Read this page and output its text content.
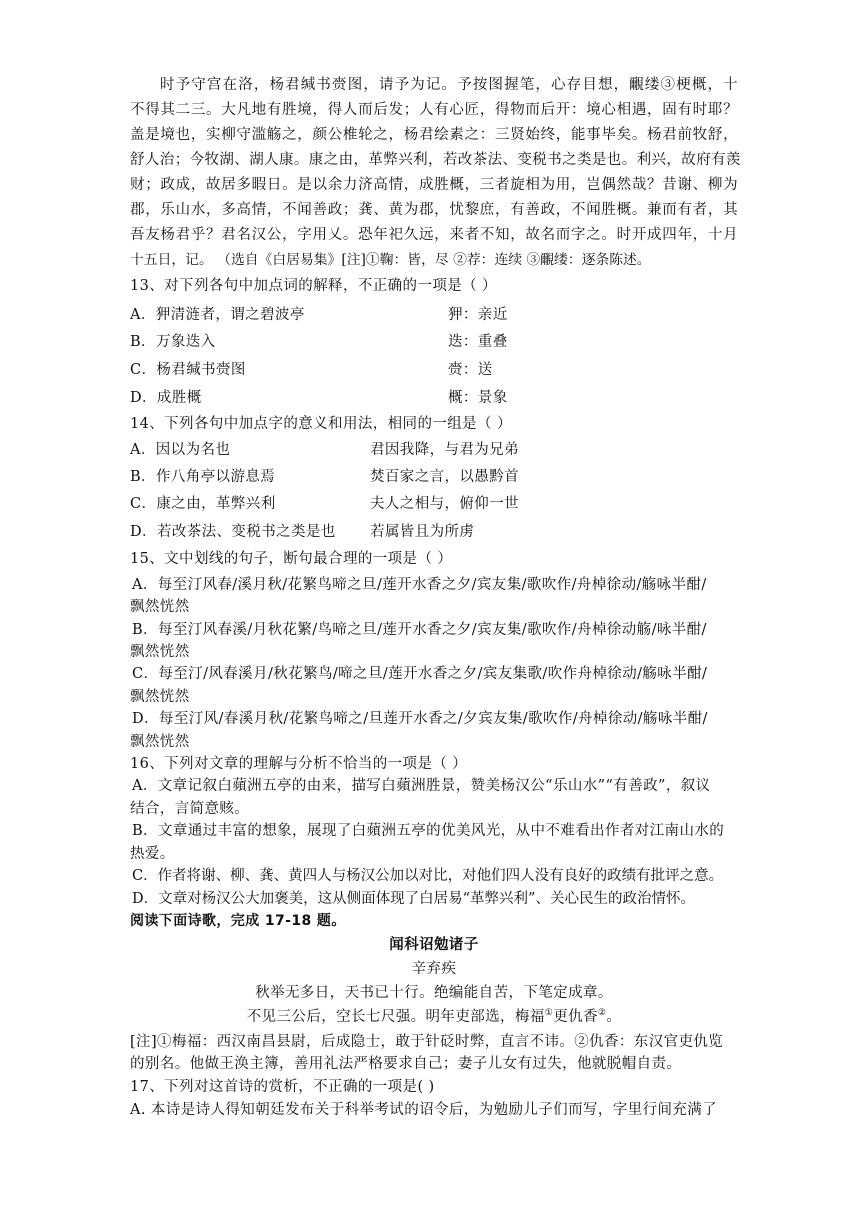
时予守宫在洛，杨君缄书赍图，请予为记。予按图握笔，心存目想，覼缕③梗概，十
不得其二三。大凡地有胜境，得人而后发；人有心匠，得物而后开：境心相遇，固有时耶？
盖是境也，实柳守滥觞之，颜公椎轮之，杨君绘素之：三贤始终，能事毕矣。杨君前牧舒，
舒人治；今牧湖、湖人康。康之由，革弊兴利，若改茶法、变税书之类是也。利兴，故府有羡
财；政成，故居多暇日。是以余力济高情，成胜概，三者旋相为用，岂偶然哉？昔谢、柳为
郡，乐山水，多高情，不闻善政；龚、黄为郡，忧黎庶，有善政，不闻胜概。兼而有者，其
吾友杨君乎？君名汉公，字用乂。恐年祀久远，来者不知，故名而字之。时开成四年，十月
十五日，记。 （选自《白居易集》[注]①鞠：皆，尽 ②荐：连续 ③覼缕：逐条陈述。
13、对下列各句中加点词的解释，不正确的一项是（ ）
A．狎清涟者，谓之碧波亭	狎：亲近
B．万象迭入	迭：重叠
C．杨君缄书赍图	赍：送
D．成胜概	概：景象
14、下列各句中加点字的意义和用法，相同的一组是（ ）
A．因以为名也	君因我降，与君为兄弟
B．作八角亭以游息焉	焚百家之言，以愚黔首
C．康之由，革弊兴利	夫人之相与，俯仰一世
D．若改茶法、变税书之类是也 若属皆且为所虏
15、文中划线的句子，断句最合理的一项是（ ）
A．每至汀风春/溪月秋/花繁鸟啼之旦/莲开水香之夕/宾友集/歌吹作/舟棹徐动/觞咏半酣/
飘然恍然
B．每至汀风春溪/月秋花繁/鸟啼之旦/莲开水香之夕/宾友集/歌吹作/舟棹徐动觞/咏半酣/
飘然恍然
C．每至汀/风春溪月/秋花繁鸟/啼之旦/莲开水香之夕/宾友集歌/吹作舟棹徐动/觞咏半酣/
飘然恍然
D．每至汀风/春溪月秋/花繁鸟啼之/旦莲开水香之/夕宾友集/歌吹作/舟棹徐动/觞咏半酣/
飘然恍然
16、下列对文章的理解与分析不恰当的一项是（ ）
A．文章记叙白蘋洲五亭的由来，描写白蘋洲胜景，赞美杨汉公“乐山水”“有善政”，叙议
结合，言简意赅。
B．文章通过丰富的想象，展现了白蘋洲五亭的优美风光，从中不难看出作者对江南山水的
热爱。
C．作者将谢、柳、龚、黄四人与杨汉公加以对比，对他们四人没有良好的政绩有批评之意。
D．文章对杨汉公大加褒美，这从侧面体现了白居易“革弊兴利”、关心民生的政治情怀。
阅读下面诗歌，完成 17-18 题。
闻科诏勉诸子
辛弃疾
秋举无多日，天书已十行。绝编能自苦，下笔定成章。
不见三公后，空长七尺强。明年吏部选，梅福①更仇香②。
[注]①梅福：西汉南昌县尉，后成隐士，敢于针砭时弊，直言不讳。②仇香：东汉官吏仇览
的别名。他做王涣主簿，善用礼法严格要求自己；妻子儿女有过失，他就脱帽自责。
17、下列对这首诗的赏析，不正确的一项是( )
A. 本诗是诗人得知朝廷发布关于科举考试的诏令后，为勉励儿子们而写，字里行间充满了
